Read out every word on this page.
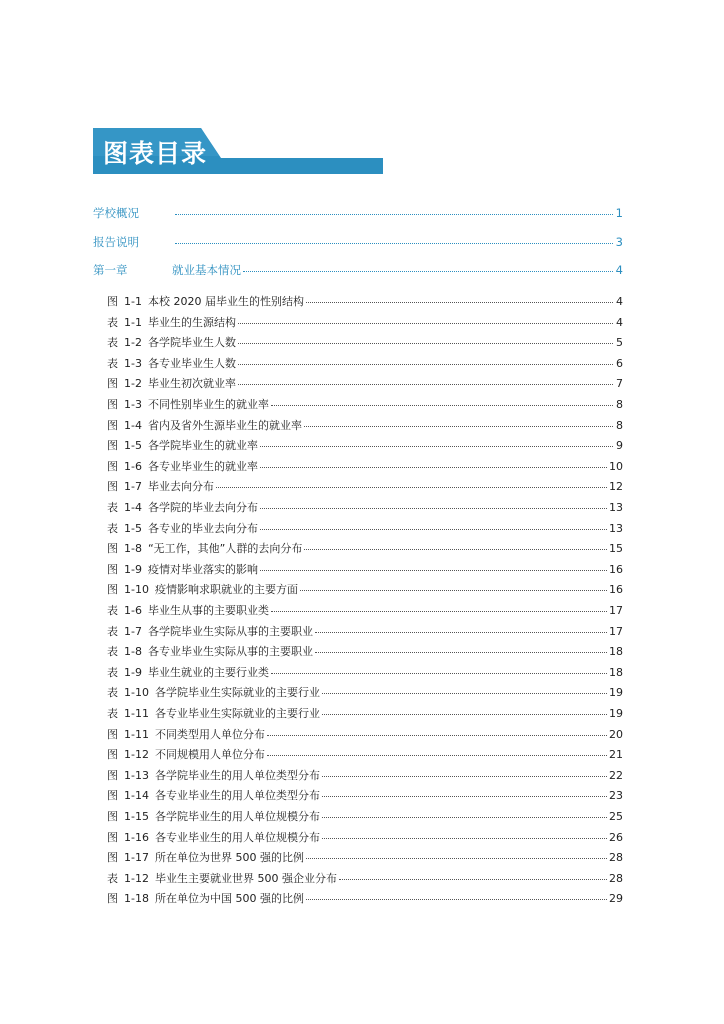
图表目录
学校概况	1
报告说明	3
第一章	就业基本情况	4
图 1-1 本校 2020 届毕业生的性别结构	4
表 1-1 毕业生的生源结构	4
表 1-2 各学院毕业生人数	5
表 1-3 各专业毕业生人数	6
图 1-2 毕业生初次就业率	7
图 1-3 不同性别毕业生的就业率	8
图 1-4 省内及省外生源毕业生的就业率	8
图 1-5 各学院毕业生的就业率	9
图 1-6 各专业毕业生的就业率	10
图 1-7 毕业去向分布	12
表 1-4 各学院的毕业去向分布	13
表 1-5 各专业的毕业去向分布	13
图 1-8 “无工作，其他”人群的去向分布	15
图 1-9 疫情对毕业落实的影响	16
图 1-10 疫情影响求职就业的主要方面	16
表 1-6 毕业生从事的主要职业类	17
表 1-7 各学院毕业生实际从事的主要职业	17
表 1-8 各专业毕业生实际从事的主要职业	18
表 1-9 毕业生就业的主要行业类	18
表 1-10 各学院毕业生实际就业的主要行业	19
表 1-11 各专业毕业生实际就业的主要行业	19
图 1-11 不同类型用人单位分布	20
图 1-12 不同规模用人单位分布	21
图 1-13 各学院毕业生的用人单位类型分布	22
图 1-14 各专业毕业生的用人单位类型分布	23
图 1-15 各学院毕业生的用人单位规模分布	25
图 1-16 各专业毕业生的用人单位规模分布	26
图 1-17 所在单位为世界 500 强的比例	28
表 1-12 毕业生主要就业世界 500 强企业分布	28
图 1-18 所在单位为中国 500 强的比例	29
